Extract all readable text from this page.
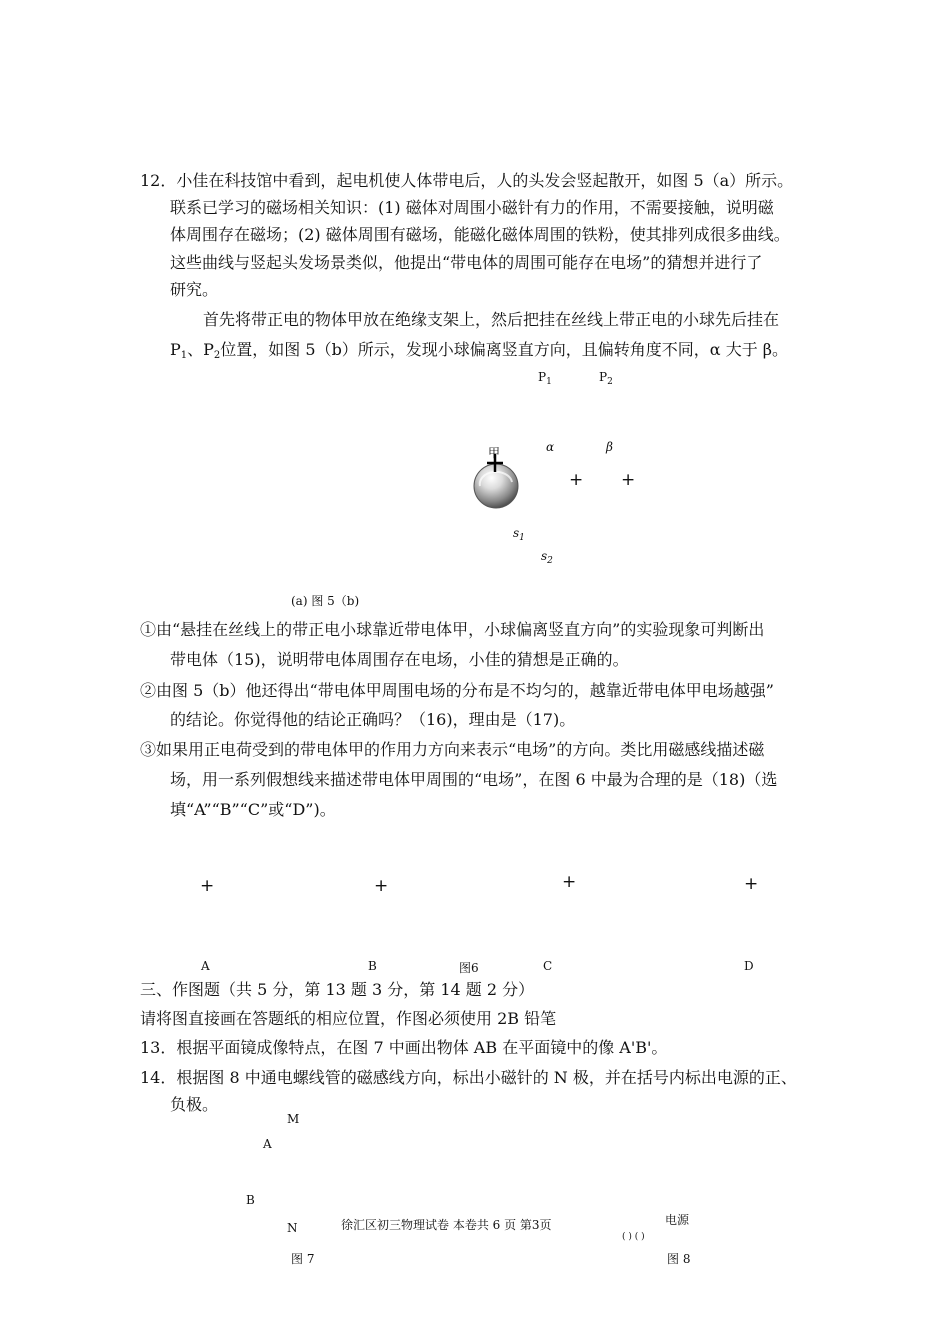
12．小佳在科技馆中看到，起电机使人体带电后，人的头发会竖起散开，如图 5（a）所示。
联系已学习的磁场相关知识：(1) 磁体对周围小磁针有力的作用，不需要接触，说明磁
体周围存在磁场；(2) 磁体周围有磁场，能磁化磁体周围的铁粉，使其排列成很多曲线。
这些曲线与竖起头发场景类似，他提出“带电体的周围可能存在电场”的猜想并进行了
研究。
首先将带正电的物体甲放在绝缘支架上，然后把挂在丝线上带正电的小球先后挂在
$P_1$、$P_2$位置，如图 5（b）所示，发现小球偏离竖直方向，且偏转角度不同，α 大于 β。
$P_1$	$P_2$
甲	α	β
+ +
$s_1$
$s_2$
(a) 图 5（b)
①由“悬挂在丝线上的带正电小球靠近带电体甲，小球偏离竖直方向”的实验现象可判断出
带电体（15)，说明带电体周围存在电场，小佳的猜想是正确的。
②由图 5（b）他还得出“带电体甲周围电场的分布是不均匀的，越靠近带电体甲电场越强”
的结论。你觉得他的结论正确吗？（16)，理由是（17)。
③如果用正电荷受到的带电体甲的作用力方向来表示“电场”的方向。类比用磁感线描述磁
场，用一系列假想线来描述带电体甲周围的“电场”，在图 6 中最为合理的是（18)（选
填“A”“B”“C”或“D”)。
+	+	+	+
A	B	图6	C	D
三、作图题（共 5 分，第 13 题 3 分，第 14 题 2 分）
请将图直接画在答题纸的相应位置，作图必须使用 2B 铅笔
13．根据平面镜成像特点，在图 7 中画出物体 AB 在平面镜中的像 A'B'。
14．根据图 8 中通电螺线管的磁感线方向，标出小磁针的 N 极，并在括号内标出电源的正、
负极。
M
A
B
N
图 7
徐汇区初三物理试卷 本卷共 6 页 第3页	电源
( ) ( )
图 8
